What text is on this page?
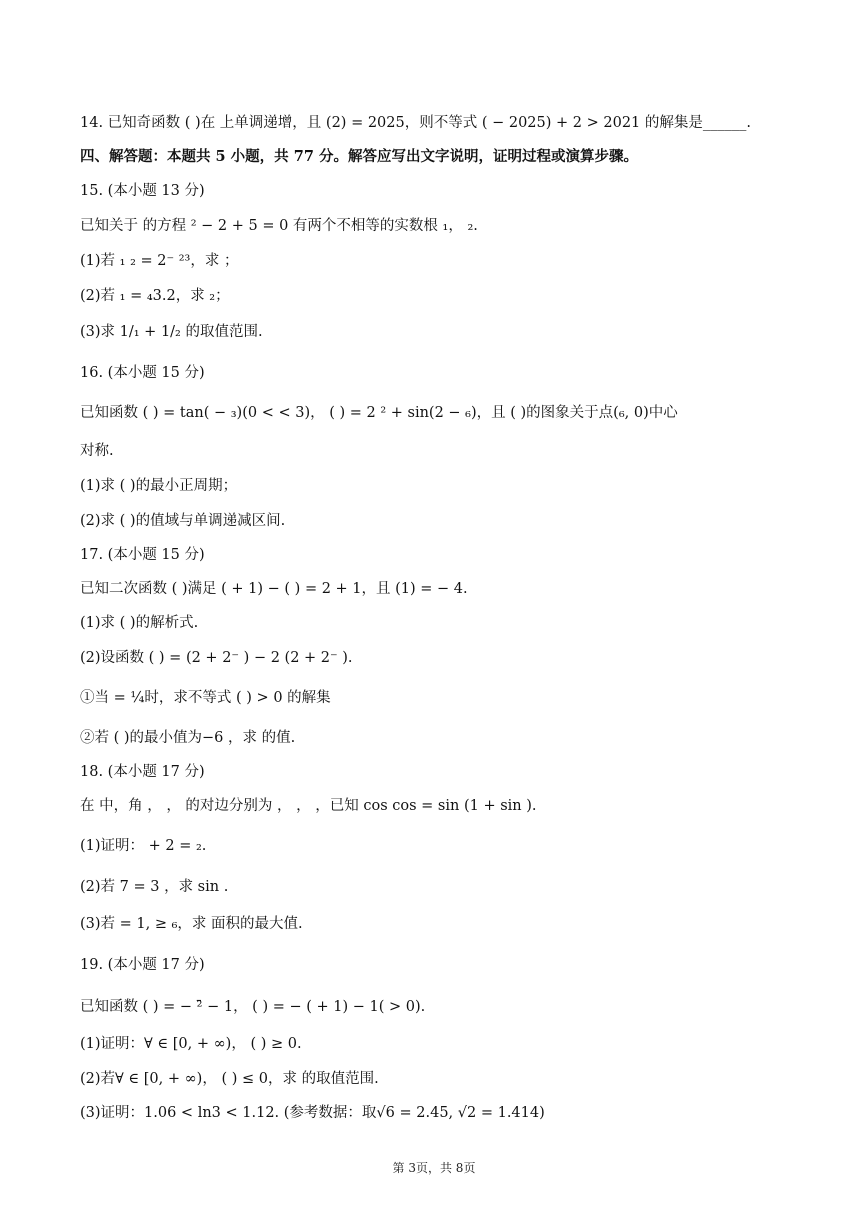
14. 已知奇函数 ( )在 上单调递增，且 (2) = 2025，则不等式 ( − 2025) + 2 > 2021 的解集是______.
四、解答题：本题共 5 小题，共 77 分。解答应写出文字说明，证明过程或演算步骤。
15. (本小题 13 分)
已知关于 的方程 ² − 2 + 5 = 0 有两个不相等的实数根 ₁， ₂.
(1)若 ₁ ₂ = 2⁻ ²³，求 ；
(2)若 ₁ = ₄3.2，求 ₂；
(3)求 1/₁ + 1/₂ 的取值范围.
16. (本小题 15 分)
已知函数 ( ) = tan( − ₃)(0 < < 3)， ( ) = 2 ² + sin(2 − ₆)，且 ( )的图象关于点(₆, 0)中心
对称.
(1)求 ( )的最小正周期；
(2)求 ( )的值域与单调递减区间.
17. (本小题 15 分)
已知二次函数 ( )满足 ( + 1) − ( ) = 2 + 1，且 (1) = − 4.
(1)求 ( )的解析式.
(2)设函数 ( ) = (2 + 2⁻ ) − 2 (2 + 2⁻ ).
①当 = ¼时，求不等式 ( ) > 0 的解集
②若 ( )的最小值为−6 ，求 的值.
18. (本小题 17 分)
在 中，角 ， ， 的对边分别为 ， ， ，已知 cos cos = sin (1 + sin ).
(1)证明： + 2 = ₂.
(2)若 7 = 3 ，求 sin .
(3)若 = 1, ≥ ₆，求 面积的最大值.
19. (本小题 17 分)
已知函数 ( ) = − ²̄ − 1， ( ) = − ( + 1) − 1( > 0).
(1)证明：∀ ∈ [0, + ∞)， ( ) ≥ 0.
(2)若∀ ∈ [0, + ∞)， ( ) ≤ 0，求 的取值范围.
(3)证明：1.06 < ln3 < 1.12. (参考数据：取√6 = 2.45, √2 = 1.414)
第 3页，共 8页
